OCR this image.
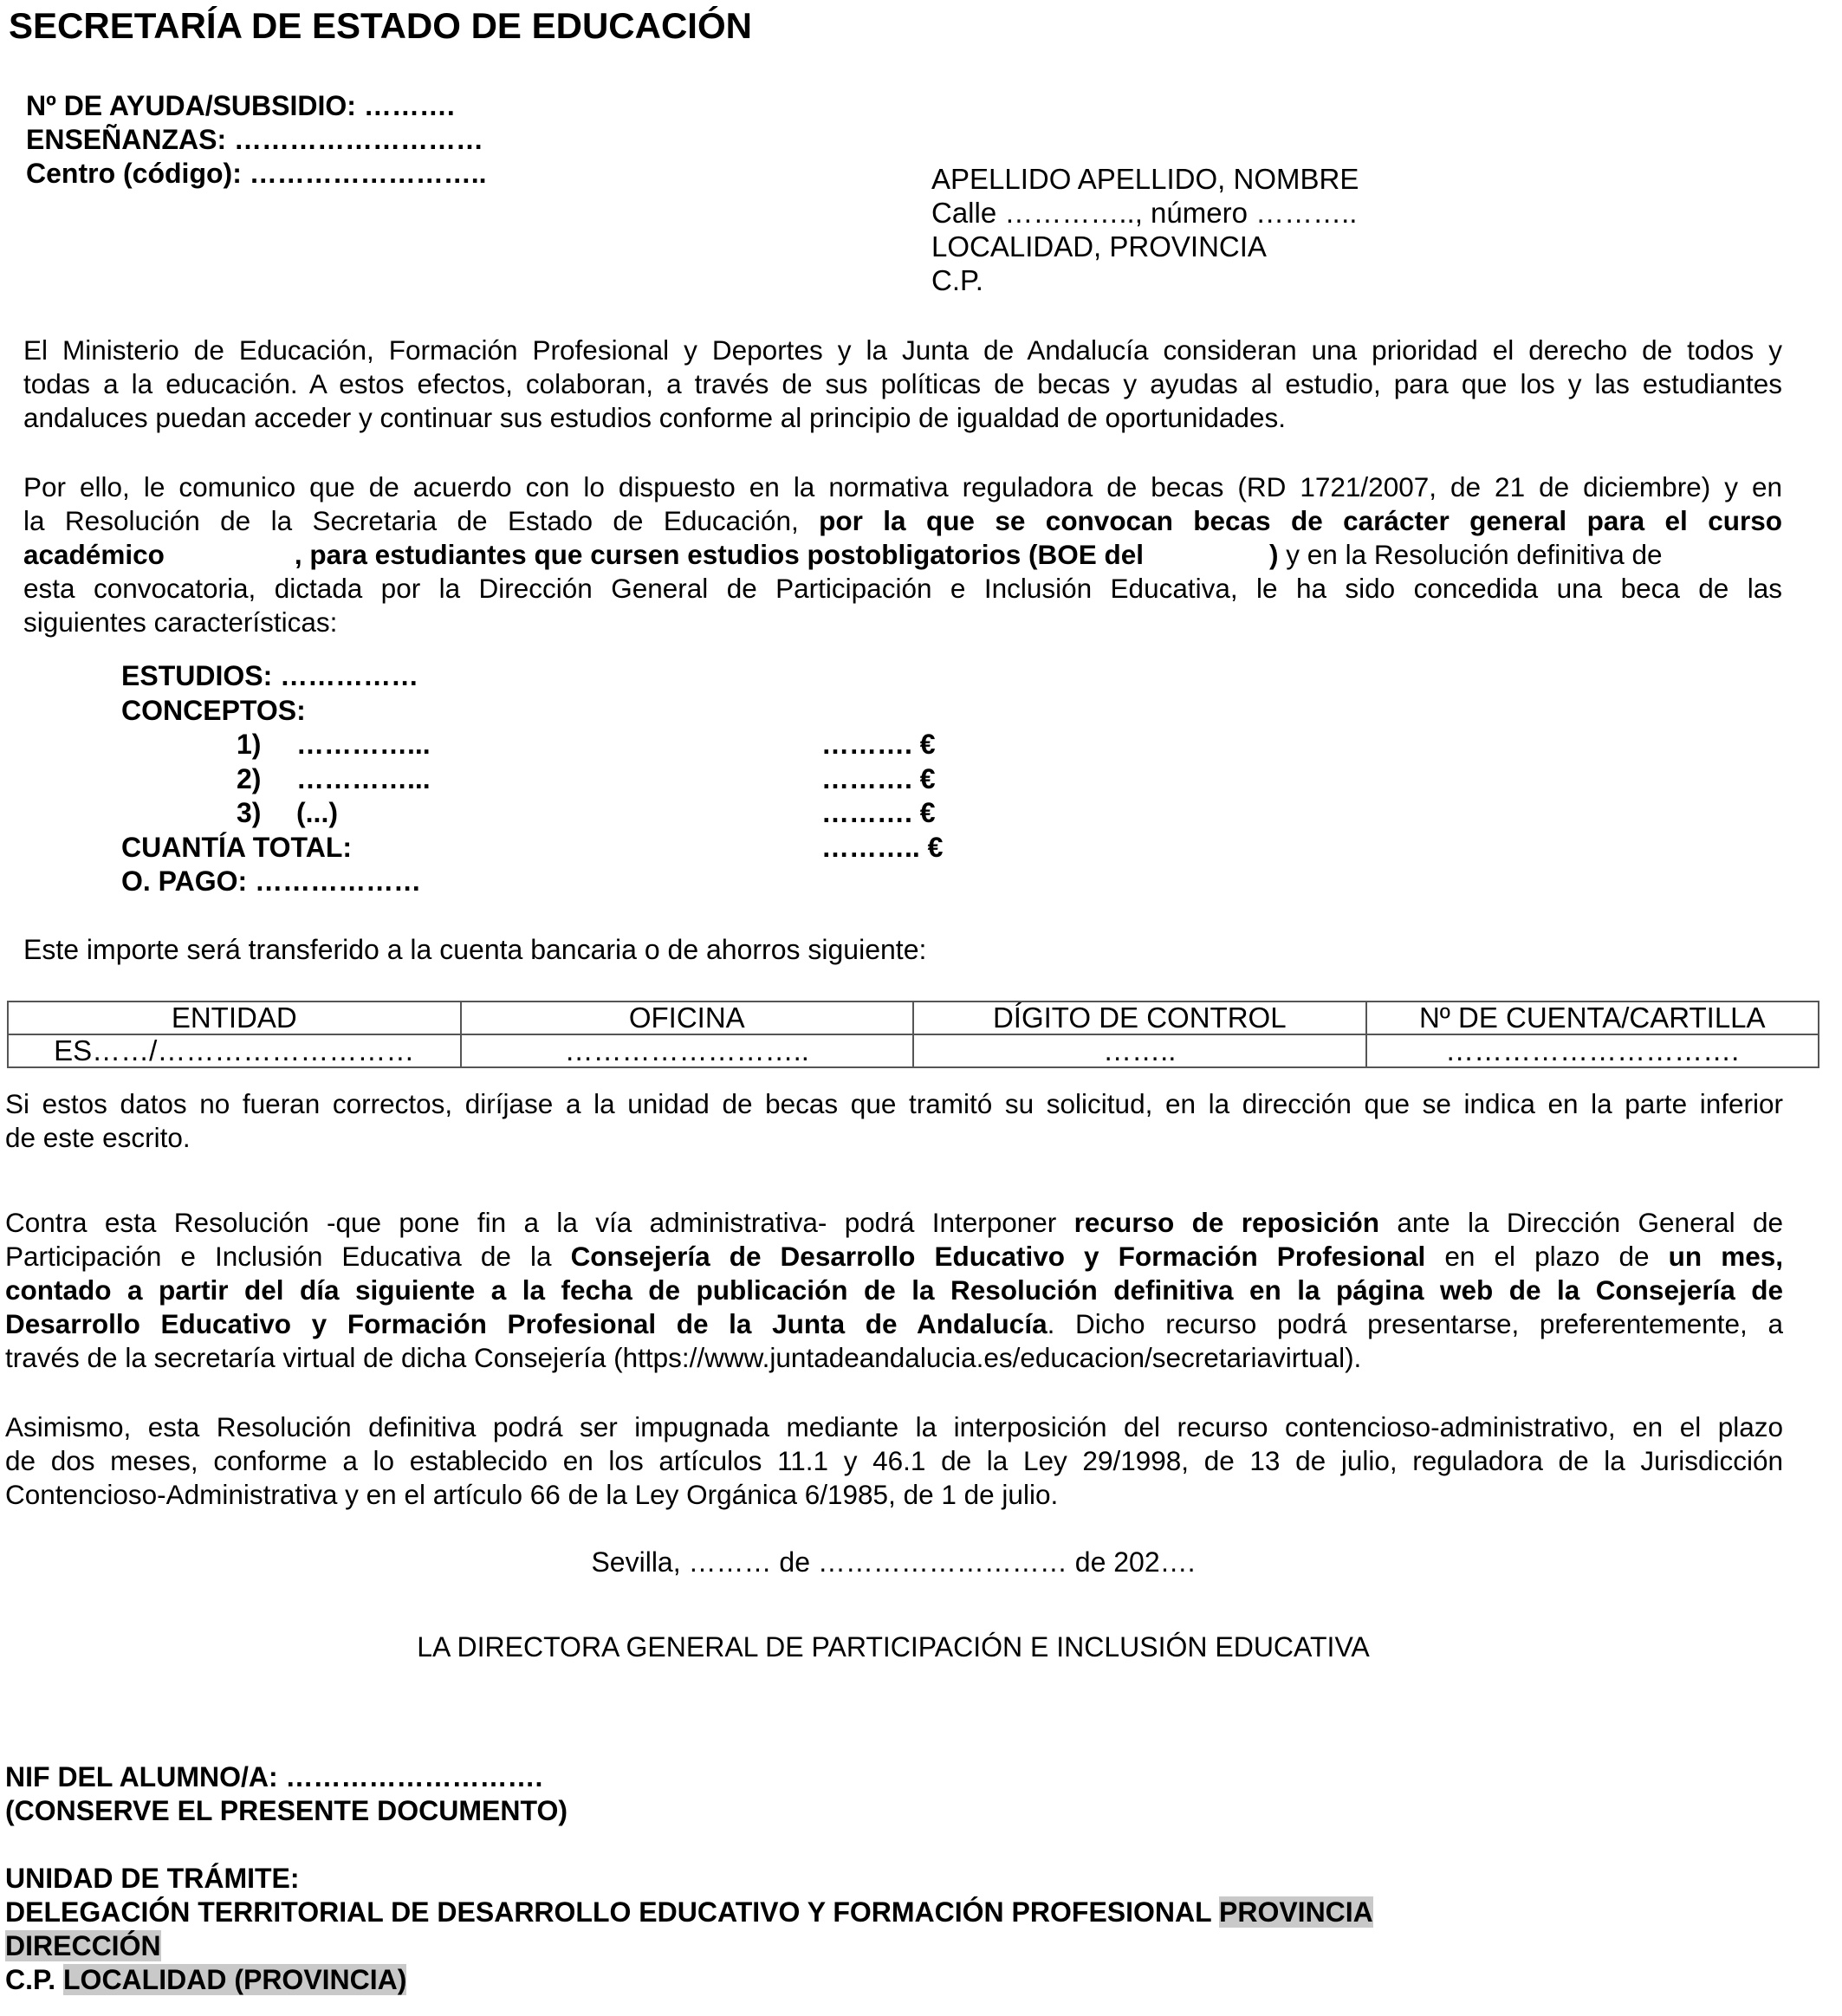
SECRETARÍA DE ESTADO DE EDUCACIÓN
Nº DE AYUDA/SUBSIDIO: ……….
ENSEÑANZAS: ………………………
Centro (código): ……………………..	APELLIDO APELLIDO, NOMBRE
Calle ………….., número ………..
LOCALIDAD, PROVINCIA
C.P.
El Ministerio de Educación, Formación Profesional y Deportes y la Junta de Andalucía consideran una prioridad el derecho de todos y
todas a la educación. A estos efectos, colaboran, a través de sus políticas de becas y ayudas al estudio, para que los y las estudiantes
andaluces puedan acceder y continuar sus estudios conforme al principio de igualdad de oportunidades.
Por ello, le comunico que de acuerdo con lo dispuesto en la normativa reguladora de becas (RD 1721/2007, de 21 de diciembre) y en
la Resolución de la Secretaria de Estado de Educación, por la que se convocan becas de carácter general para el curso
académico	, para estudiantes que cursen estudios postobligatorios (BOE del	) y en la Resolución definitiva de
esta convocatoria, dictada por la Dirección General de Participación e Inclusión Educativa, le ha sido concedida una beca de las
siguientes características:
ESTUDIOS: ……………
CONCEPTOS:
1) …………...	………. €
2) …………...	………. €
3) (...)	………. €
CUANTÍA TOTAL:	……….. €
O. PAGO: ………………
Este importe será transferido a la cuenta bancaria o de ahorros siguiente:
ENTIDAD	OFICINA	DÍGITO DE CONTROL	Nº DE CUENTA/CARTILLA
ES……/………………………	……………………..	……..	………………………….
Si estos datos no fueran correctos, diríjase a la unidad de becas que tramitó su solicitud, en la dirección que se indica en la parte inferior
de este escrito.
Contra esta Resolución -que pone fin a la vía administrativa- podrá Interponer recurso de reposición ante la Dirección General de
Participación e Inclusión Educativa de la Consejería de Desarrollo Educativo y Formación Profesional en el plazo de un mes,
contado a partir del día siguiente a la fecha de publicación de la Resolución definitiva en la página web de la Consejería de
Desarrollo Educativo y Formación Profesional de la Junta de Andalucía. Dicho recurso podrá presentarse, preferentemente, a
través de la secretaría virtual de dicha Consejería (https://www.juntadeandalucia.es/educacion/secretariavirtual).
Asimismo, esta Resolución definitiva podrá ser impugnada mediante la interposición del recurso contencioso-administrativo, en el plazo
de dos meses, conforme a lo establecido en los artículos 11.1 y 46.1 de la Ley 29/1998, de 13 de julio, reguladora de la Jurisdicción
Contencioso-Administrativa y en el artículo 66 de la Ley Orgánica 6/1985, de 1 de julio.
Sevilla, ……… de ……………………… de 202….
LA DIRECTORA GENERAL DE PARTICIPACIÓN E INCLUSIÓN EDUCATIVA
NIF DEL ALUMNO/A: ……………………….
(CONSERVE EL PRESENTE DOCUMENTO)
UNIDAD DE TRÁMITE:
DELEGACIÓN TERRITORIAL DE DESARROLLO EDUCATIVO Y FORMACIÓN PROFESIONAL PROVINCIA
DIRECCIÓN
C.P. LOCALIDAD (PROVINCIA)
